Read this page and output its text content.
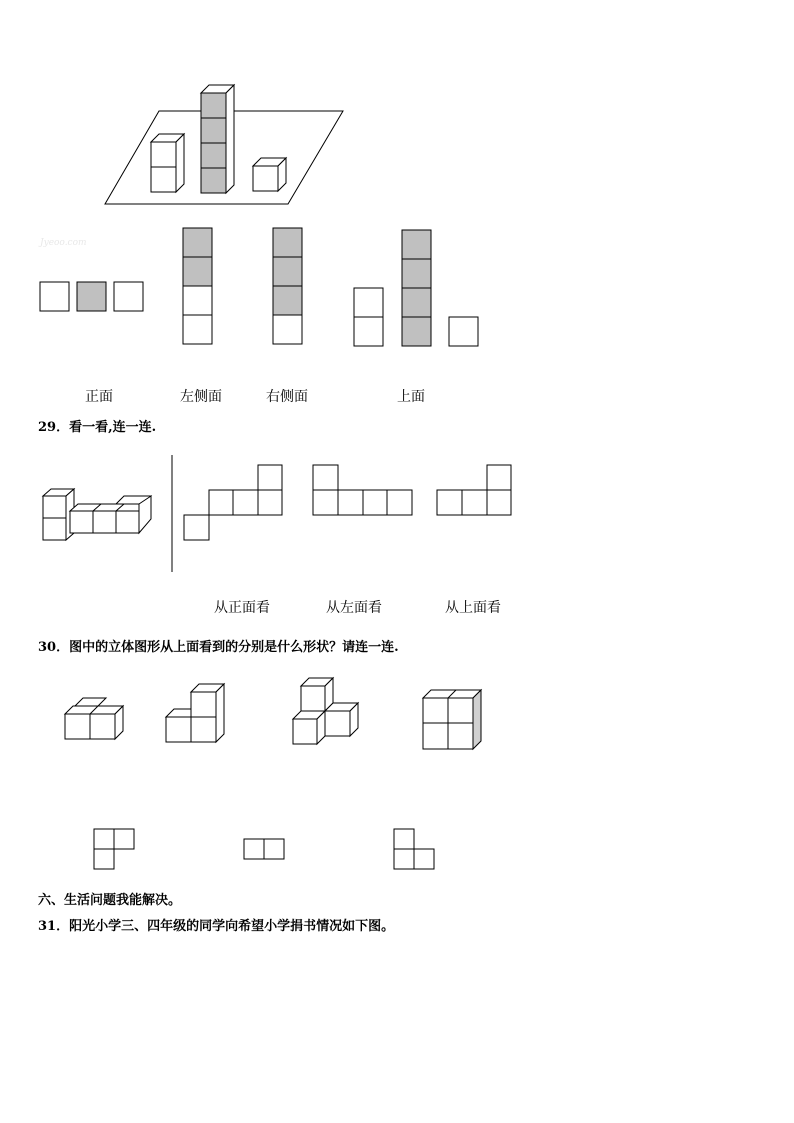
Jyeoo.com
正面	左侧面	右侧面	上面
29．看一看,连一连.
从正面看	从左面看	从上面看
30．图中的立体图形从上面看到的分别是什么形状？请连一连.
六、生活问题我能解决。
31．阳光小学三、四年级的同学向希望小学捐书情况如下图。
